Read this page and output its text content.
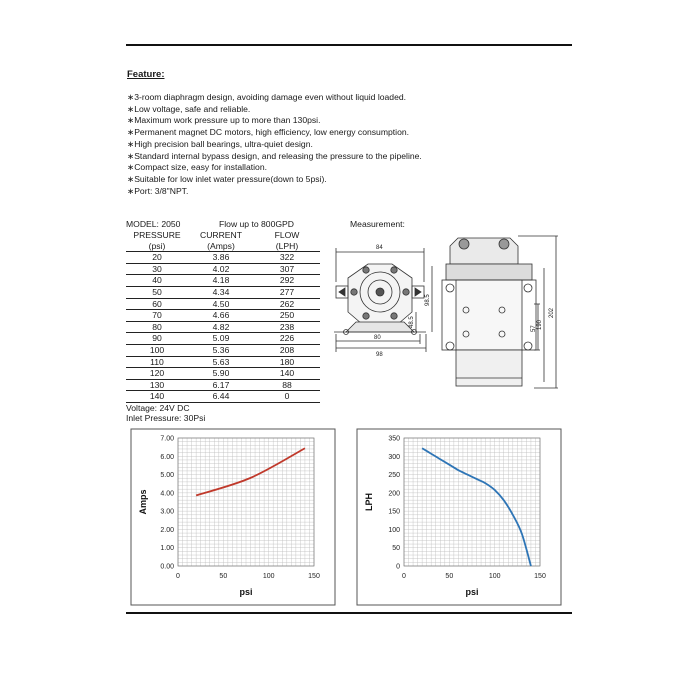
Feature:
∗3-room diaphragm design, avoiding damage even without liquid loaded.
∗Low voltage, safe and reliable.
∗Maximum work pressure up to more than 130psi.
∗Permanent magnet DC motors, high efficiency, low energy consumption.
∗High precision ball bearings, ultra-quiet design.
∗Standard internal bypass design, and releasing the pressure to the pipeline.
∗Compact size, easy for installation.
∗Suitable for low inlet water pressure(down to 5psi).
∗Port: 3/8"NPT.
MODEL: 2050	Flow up to 800GPD
PRESSURE	CURRENT	FLOW
(psi)	(Amps)	(LPH)
20	3.86	322
30	4.02	307
40	4.18	292
50	4.34	277
60	4.50	262
70	4.66	250
80	4.82	238
90	5.09	226
100	5.36	208
110	5.63	180
120	5.90	140
130	6.17	88
140	6.44	0
Voltage: 24V DC
Inlet Pressure: 30Psi
Measurement:
84
98.5
48.5
80
98
57 190
202
0.00
1.00
2.00
3.00
4.00
5.00
6.00
7.00
0	50	100	150
psi
Amps
0
50
100
150
200
250
300
350
0	50	100	150
psi
LPH
